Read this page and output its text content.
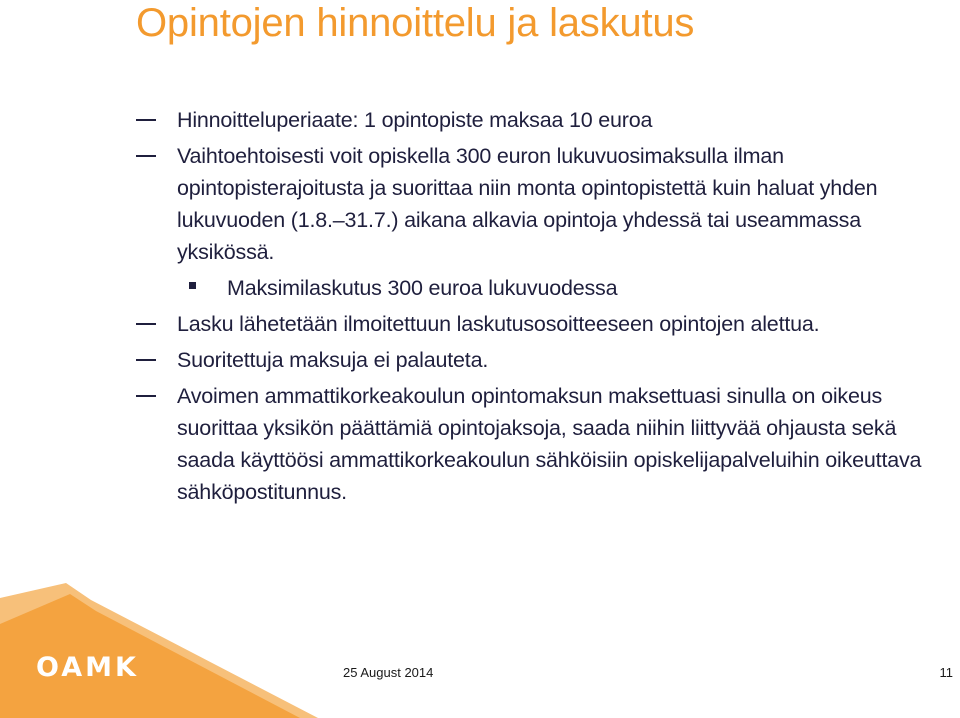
Opintojen hinnoittelu ja laskutus
Hinnoitteluperiaate: 1 opintopiste maksaa 10 euroa
Vaihtoehtoisesti voit opiskella 300 euron lukuvuosimaksulla ilman opintopisterajoitusta ja suorittaa niin monta opintopistettä kuin haluat yhden lukuvuoden (1.8.–31.7.) aikana alkavia opintoja yhdessä tai useammassa yksikössä.
Maksimilaskutus 300 euroa lukuvuodessa
Lasku lähetetään ilmoitettuun laskutusosoitteeseen opintojen alettua.
Suoritettuja maksuja ei palauteta.
Avoimen ammattikorkeakoulun opintomaksun maksettuasi sinulla on oikeus suorittaa yksikön päättämiä opintojaksoja, saada niihin liittyvää ohjausta sekä saada käyttöösi ammattikorkeakoulun sähköisiin opiskelijapalveluihin oikeuttava sähköpostitunnus.
OAMK	25 August 2014	11
